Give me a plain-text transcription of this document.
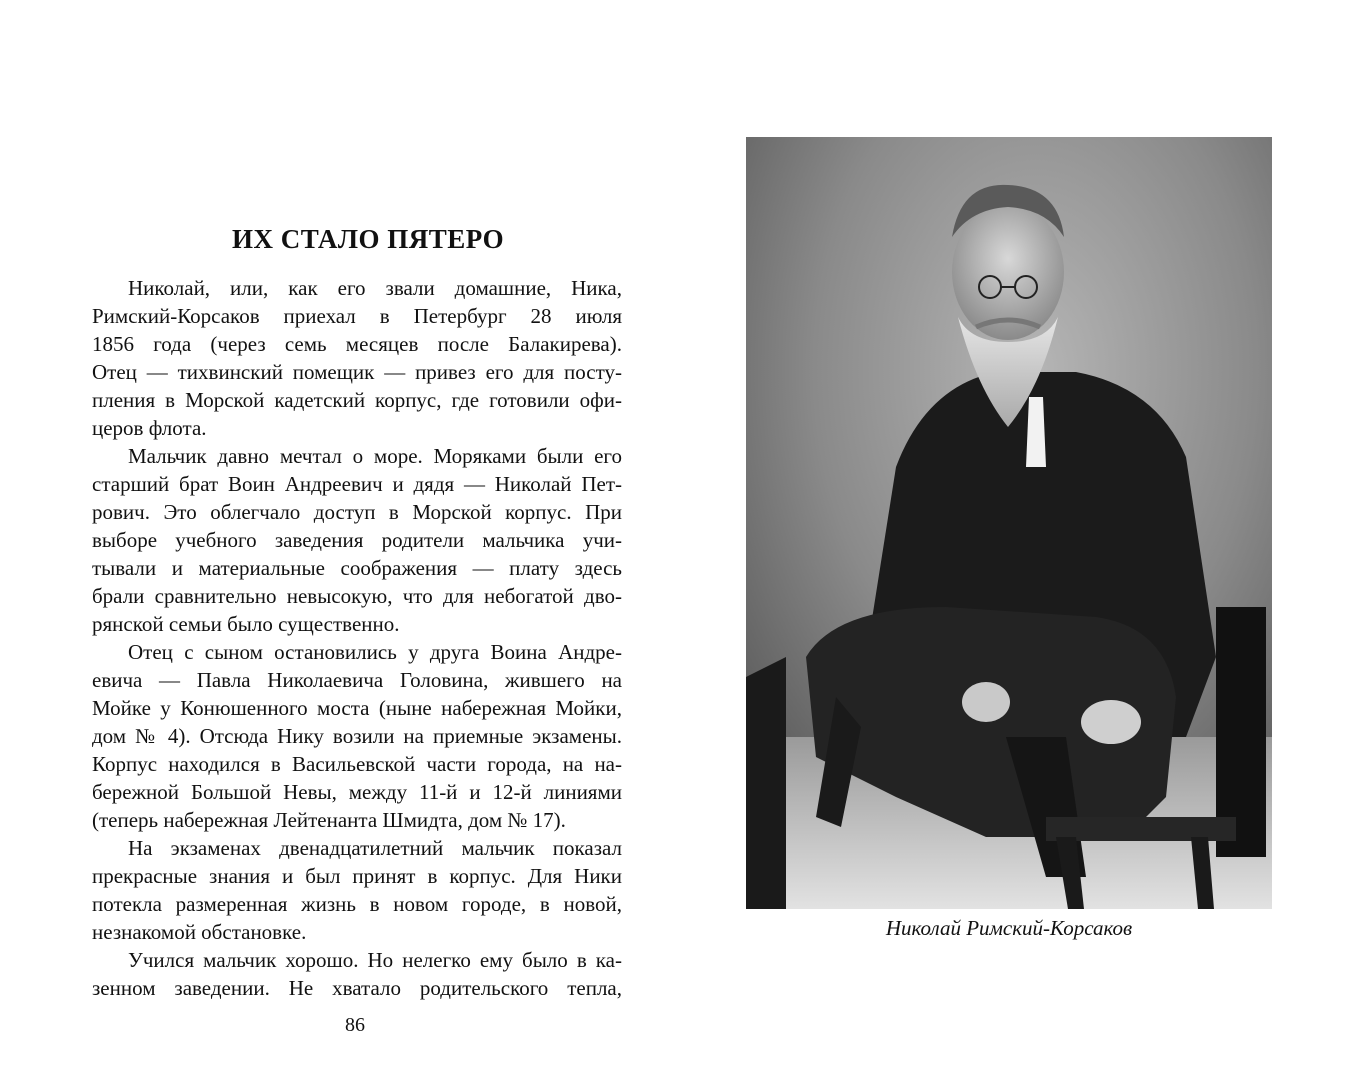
ИХ СТАЛО ПЯТЕРО
Николай, или, как его звали домашние, Ника,
Римский-Корсаков приехал в Петербург 28 июля
1856 года (через семь месяцев после Балакирева).
Отец — тихвинский помещик — привез его для посту-
пления в Морской кадетский корпус, где готовили офи-
церов флота.
Мальчик давно мечтал о море. Моряками были его
старший брат Воин Андреевич и дядя — Николай Пет-
рович. Это облегчало доступ в Морской корпус. При
выборе учебного заведения родители мальчика учи-
тывали и материальные соображения — плату здесь
брали сравнительно невысокую, что для небогатой дво-
рянской семьи было существенно.
Отец с сыном остановились у друга Воина Андре-
евича — Павла Николаевича Головина, жившего на
Мойке у Конюшенного моста (ныне набережная Мойки,
дом № 4). Отсюда Нику возили на приемные экзамены.
Корпус находился в Васильевской части города, на на-
бережной Большой Невы, между 11-й и 12-й линиями
(теперь набережная Лейтенанта Шмидта, дом № 17).
На экзаменах двенадцатилетний мальчик показал
прекрасные знания и был принят в корпус. Для Ники
потекла размеренная жизнь в новом городе, в новой,
незнакомой обстановке.
Учился мальчик хорошо. Но нелегко ему было в ка-
зенном заведении. Не хватало родительского тепла,
86
Николай Римский-Корсаков
